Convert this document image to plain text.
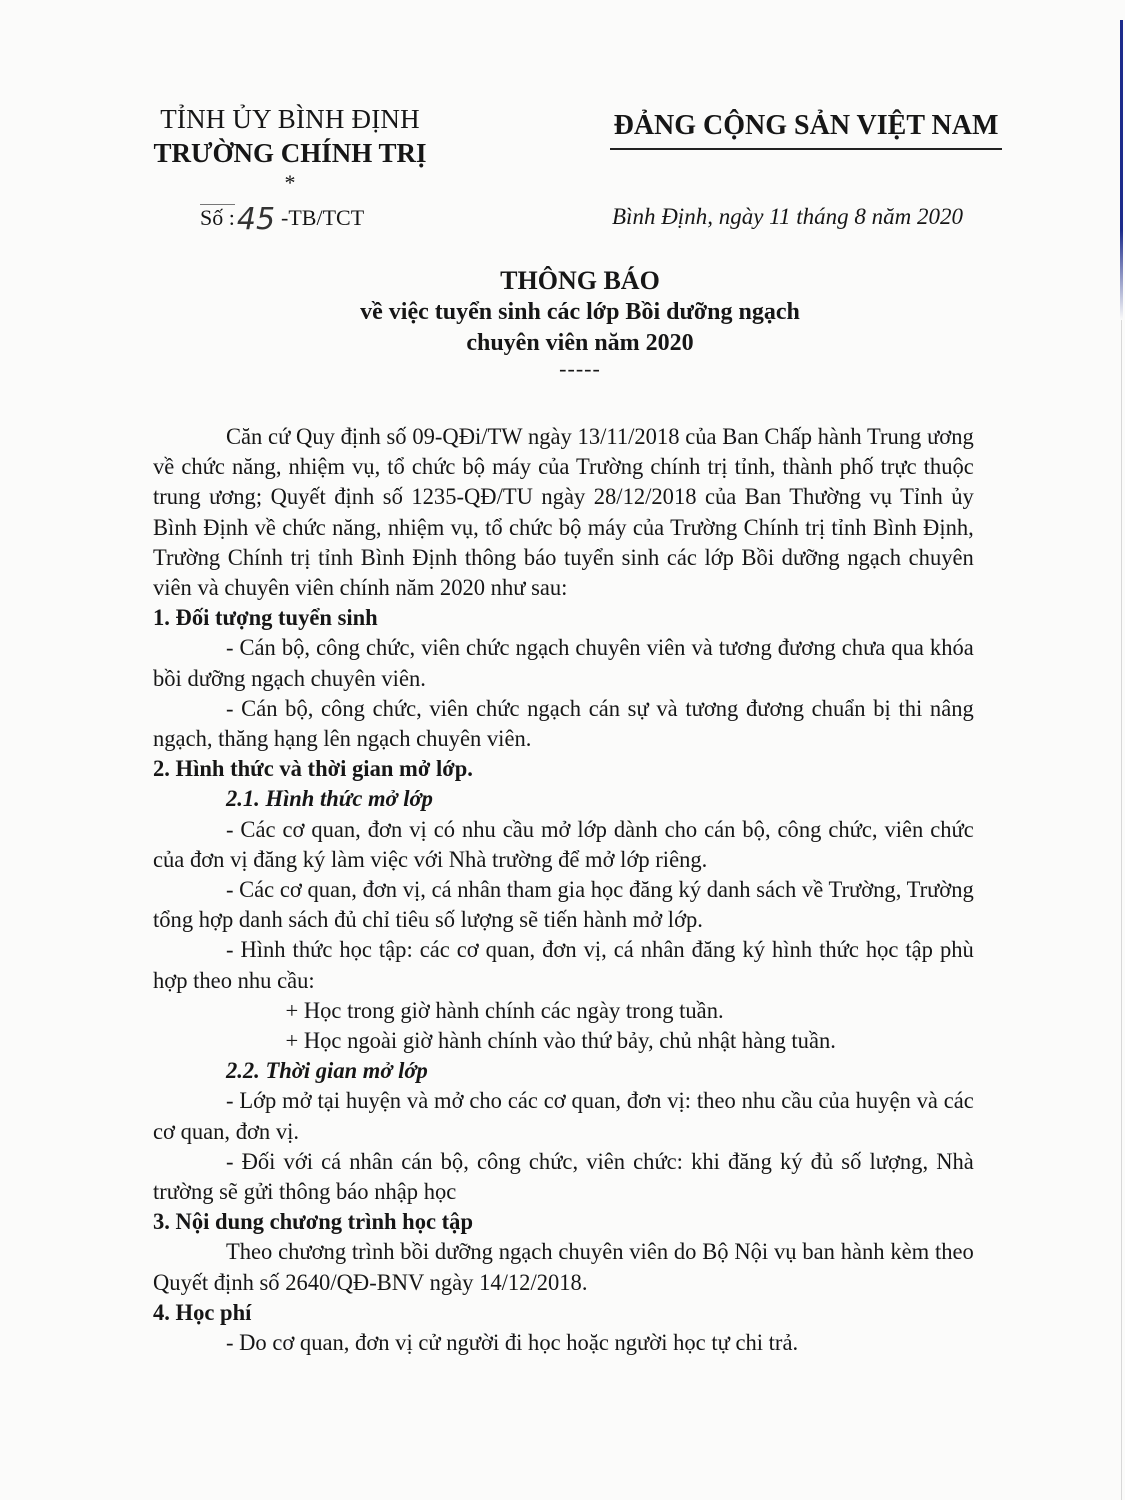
TỈNH ỦY BÌNH ĐỊNH
TRƯỜNG CHÍNH TRỊ
*
Số :45 -TB/TCT
ĐẢNG CỘNG SẢN VIỆT NAM
Bình Định, ngày 11 tháng 8 năm 2020
THÔNG BÁO
về việc tuyển sinh các lớp Bồi dưỡng ngạch
chuyên viên năm 2020
-----

Căn cứ Quy định số 09-QĐi/TW ngày 13/11/2018 của Ban Chấp hành Trung ương về chức năng, nhiệm vụ, tổ chức bộ máy của Trường chính trị tỉnh, thành phố trực thuộc trung ương; Quyết định số 1235-QĐ/TU ngày 28/12/2018 của Ban Thường vụ Tỉnh ủy Bình Định về chức năng, nhiệm vụ, tổ chức bộ máy của Trường Chính trị tỉnh Bình Định, Trường Chính trị tỉnh Bình Định thông báo tuyển sinh các lớp Bồi dưỡng ngạch chuyên viên và chuyên viên chính năm 2020 như sau:

1. Đối tượng tuyển sinh

- Cán bộ, công chức, viên chức ngạch chuyên viên và tương đương chưa qua khóa bồi dưỡng ngạch chuyên viên.

- Cán bộ, công chức, viên chức ngạch cán sự và tương đương chuẩn bị thi nâng ngạch, thăng hạng lên ngạch chuyên viên.

2. Hình thức và thời gian mở lớp.

2.1. Hình thức mở lớp

- Các cơ quan, đơn vị có nhu cầu mở lớp dành cho cán bộ, công chức, viên chức của đơn vị đăng ký làm việc với Nhà trường để mở lớp riêng.

- Các cơ quan, đơn vị, cá nhân tham gia học đăng ký danh sách về Trường, Trường tổng hợp danh sách đủ chỉ tiêu số lượng sẽ tiến hành mở lớp.

- Hình thức học tập: các cơ quan, đơn vị, cá nhân đăng ký hình thức học tập phù hợp theo nhu cầu:

+ Học trong giờ hành chính các ngày trong tuần.

+ Học ngoài giờ hành chính vào thứ bảy, chủ nhật hàng tuần.

2.2. Thời gian mở lớp

- Lớp mở tại huyện và mở cho các cơ quan, đơn vị: theo nhu cầu của huyện và các cơ quan, đơn vị.

- Đối với cá nhân cán bộ, công chức, viên chức: khi đăng ký đủ số lượng, Nhà trường sẽ gửi thông báo nhập học

3. Nội dung chương trình học tập

Theo chương trình bồi dưỡng ngạch chuyên viên do Bộ Nội vụ ban hành kèm theo Quyết định số 2640/QĐ-BNV ngày 14/12/2018.

4. Học phí

- Do cơ quan, đơn vị cử người đi học hoặc người học tự chi trả.
